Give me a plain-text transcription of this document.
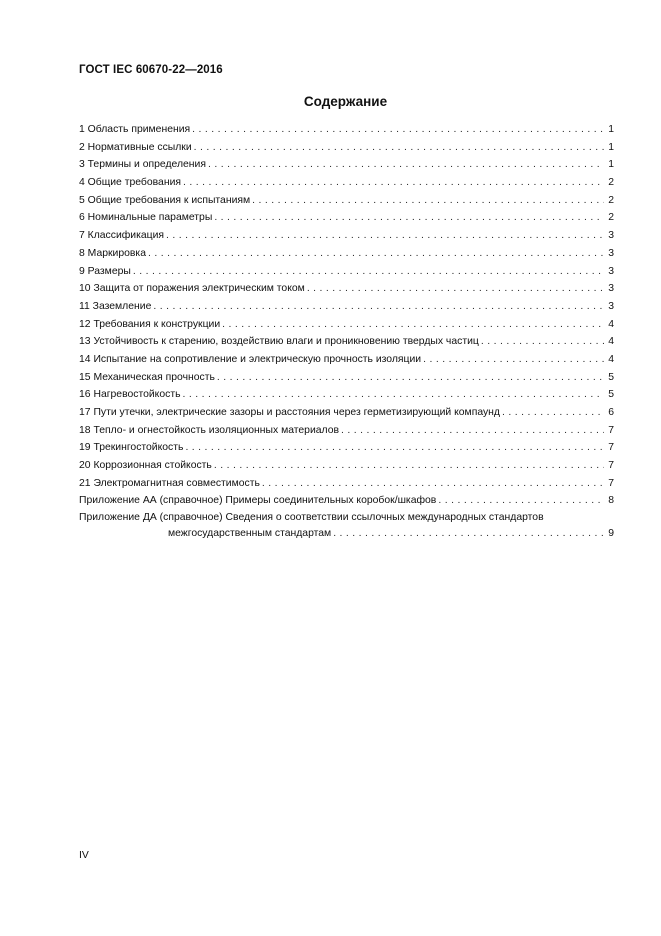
ГОСТ IEC 60670-22—2016
Содержание
1 Область применения . . .	1
2 Нормативные ссылки . . .	1
3 Термины и определения . . .	1
4 Общие требования . . .	2
5 Общие требования к испытаниям . . .	2
6 Номинальные параметры . . .	2
7 Классификация . . .	3
8 Маркировка . . .	3
9 Размеры . . .	3
10 Защита от поражения электрическим током . . .	3
11 Заземление . . .	3
12 Требования к конструкции . . .	4
13 Устойчивость к старению, воздействию влаги и проникновению твердых частиц . . .	4
14 Испытание на сопротивление и электрическую прочность изоляции . . .	4
15 Механическая прочность . . .	5
16 Нагревостойкость . . .	5
17 Пути утечки, электрические зазоры и расстояния через герметизирующий компаунд . . .	6
18 Тепло- и огнестойкость изоляционных материалов . . .	7
19 Трекингостойкость . . .	7
20 Коррозионная стойкость . . .	7
21 Электромагнитная совместимость . . .	7
Приложение АА (справочное) Примеры соединительных коробок/шкафов . . .	8
Приложение ДА (справочное) Сведения о соответствии ссылочных международных стандартов
межгосударственным стандартам . . .	9
IV
